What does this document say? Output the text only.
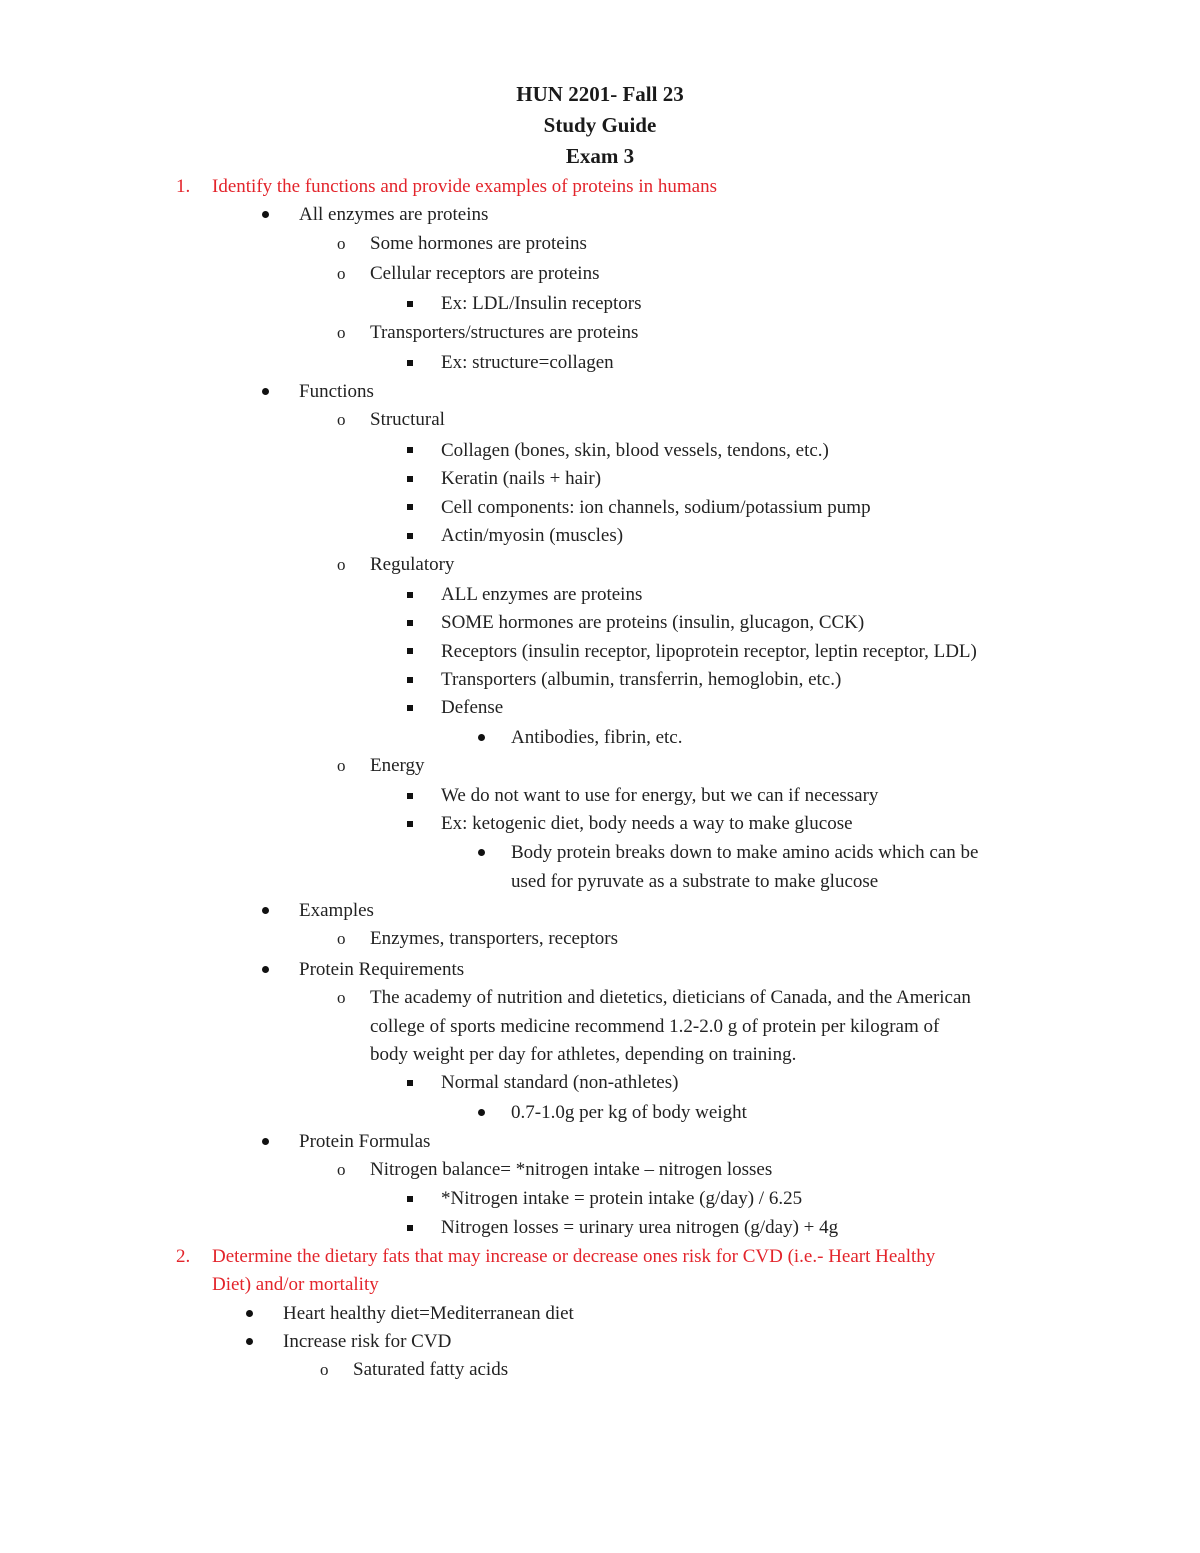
HUN 2201- Fall 23
Study Guide
Exam 3
1. Identify the functions and provide examples of proteins in humans
All enzymes are proteins
o Some hormones are proteins
o Cellular receptors are proteins
Ex: LDL/Insulin receptors
o Transporters/structures are proteins
Ex: structure=collagen
Functions
o Structural
Collagen (bones, skin, blood vessels, tendons, etc.)
Keratin (nails + hair)
Cell components: ion channels, sodium/potassium pump
Actin/myosin (muscles)
o Regulatory
ALL enzymes are proteins
SOME hormones are proteins (insulin, glucagon, CCK)
Receptors (insulin receptor, lipoprotein receptor, leptin receptor, LDL)
Transporters (albumin, transferrin, hemoglobin, etc.)
Defense
Antibodies, fibrin, etc.
o Energy
We do not want to use for energy, but we can if necessary
Ex: ketogenic diet, body needs a way to make glucose
Body protein breaks down to make amino acids which can be
used for pyruvate as a substrate to make glucose
Examples
o Enzymes, transporters, receptors
Protein Requirements
o The academy of nutrition and dietetics, dieticians of Canada, and the American
college of sports medicine recommend 1.2-2.0 g of protein per kilogram of
body weight per day for athletes, depending on training.
Normal standard (non-athletes)
0.7-1.0g per kg of body weight
Protein Formulas
o Nitrogen balance= *nitrogen intake – nitrogen losses
*Nitrogen intake = protein intake (g/day) / 6.25
Nitrogen losses = urinary urea nitrogen (g/day) + 4g
2. Determine the dietary fats that may increase or decrease ones risk for CVD (i.e.- Heart Healthy
Diet) and/or mortality
Heart healthy diet=Mediterranean diet
Increase risk for CVD
o Saturated fatty acids
